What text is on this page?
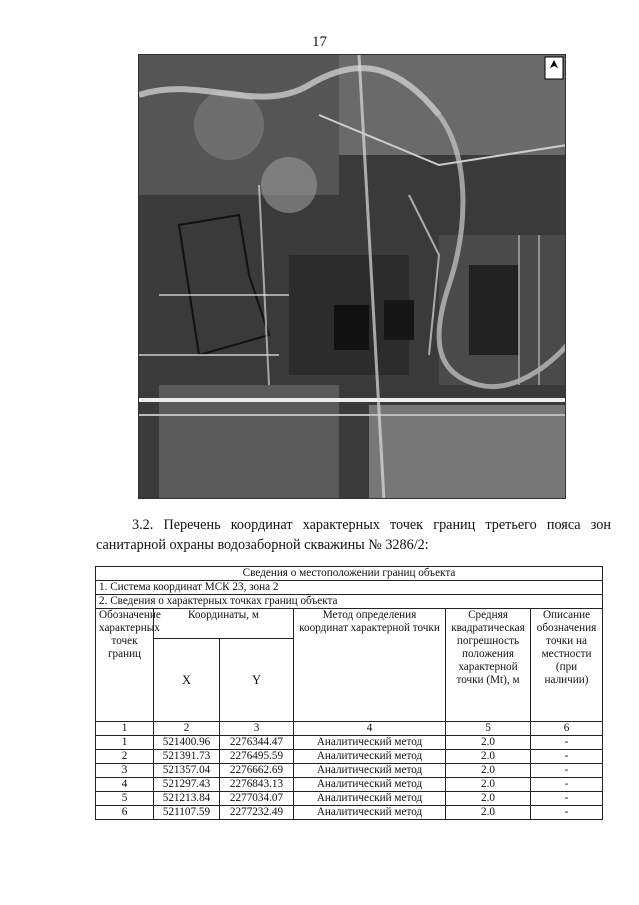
17

3.2. Перечень координат характерных точек границ третьего пояса зон санитарной охраны водозаборной скважины № 3286/2:

Сведения о местоположении границ объекта					
1. Система координат МСК 23, зона 2					
2. Сведения о характерных точках границ объекта					
Обозначение характерных точек границ	Координаты, м		Метод определения координат характерной точки	Средняя квадратическая погрешность положения характерной точки (Mt), м	Описание обозначения точки на местности (при наличии)
	X	Y			
1	2	3	4	5	6
1	521400.96	2276344.47	Аналитический метод	2.0	-
2	521391.73	2276495.59	Аналитический метод	2.0	-
3	521357.04	2276662.69	Аналитический метод	2.0	-
4	521297.43	2276843.13	Аналитический метод	2.0	-
5	521213.84	2277034.07	Аналитический метод	2.0	-
6	521107.59	2277232.49	Аналитический метод	2.0	-
